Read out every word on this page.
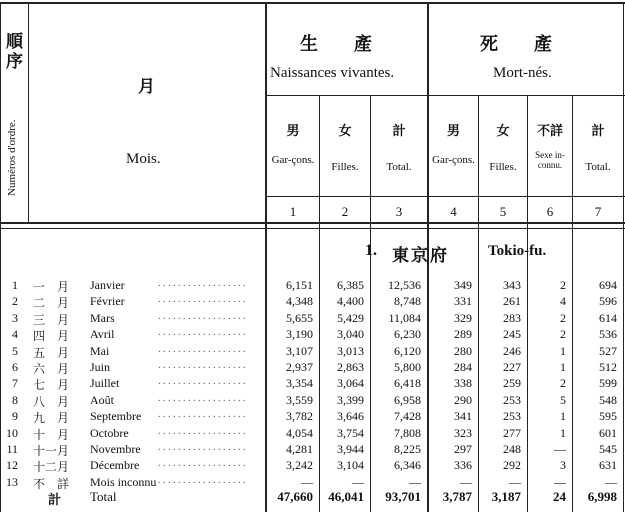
順序
Numéros d'ordre.
月
Mois.
生　　產
Naissances vivantes.
死　　產
Mort-nés.
男
Gar-çons.
1
女
Filles.
2
計
Total.
3
男
Gar-çons.
4
女
Filles.
5
不詳
Sexe in-connu.
6
計
Total.
7
1. 東京府	Tokio-fu.
1 一　月 Janvier	. . . . . . . . . . . . . . . . . .	6,151	6,385	12,536	349	343	2	694
2 二　月 Février	. . . . . . . . . . . . . . . . . .	4,348	4,400	8,748	331	261	4	596
3 三　月 Mars	. . . . . . . . . . . . . . . . . .	5,655	5,429	11,084	329	283	2	614
4 四　月 Avril	. . . . . . . . . . . . . . . . . .	3,190	3,040	6,230	289	245	2	536
5 五　月 Mai	. . . . . . . . . . . . . . . . . .	3,107	3,013	6,120	280	246	1	527
6 六　月 Juin	. . . . . . . . . . . . . . . . . .	2,937	2,863	5,800	284	227	1	512
7 七　月 Juillet	. . . . . . . . . . . . . . . . . .	3,354	3,064	6,418	338	259	2	599
8 八　月 Août	. . . . . . . . . . . . . . . . . .	3,559	3,399	6,958	290	253	5	548
9 九　月 Septembre . . . . . . . . . . . . . . . . . .	3,782	3,646	7,428	341	253	1	595
10 十　月 Octobre	. . . . . . . . . . . . . . . . . .	4,054	3,754	7,808	323	277	1	601
11 十一月 Novembre . . . . . . . . . . . . . . . . . .	4,281	3,944	8,225	297	248	—	545
12 十二月 Décembre . . . . . . . . . . . . . . . . . .	3,242	3,104	6,346	336	292	3	631
13 不　詳 Mois inconnu . . . . . . . . . . . . . . . . . .	—	—	—	—	—	—	—
計 Total	47,660	46,041	93,701	3,787	3,187	24	6,998
